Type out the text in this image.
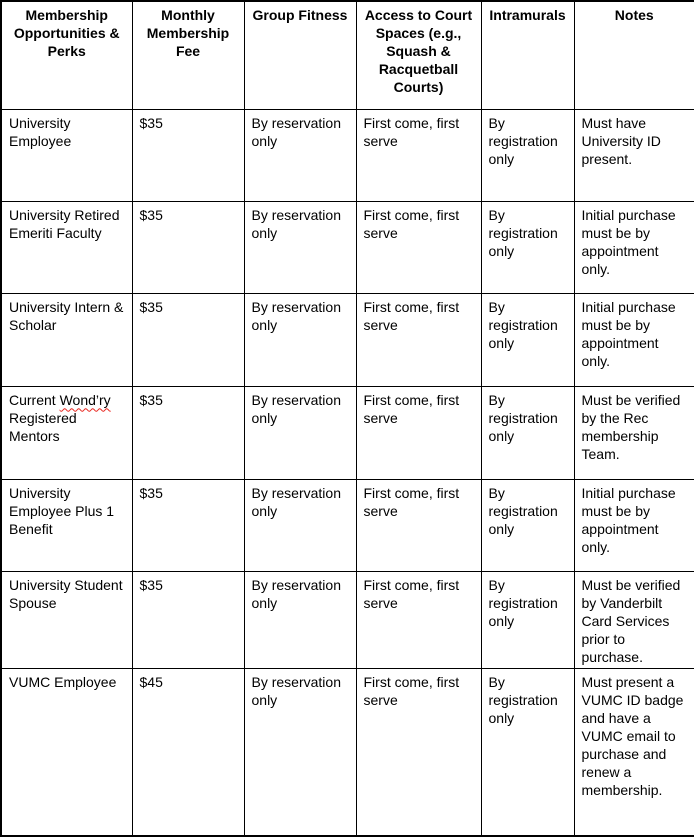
Membership Opportunities & Perks	Monthly Membership Fee	Group Fitness	Access to Court Spaces (e.g., Squash & Racquetball Courts)	Intramurals	Notes
University Employee	$35	By reservation only	First come, first serve	By registration only	Must have University ID present.
University Retired Emeriti Faculty	$35	By reservation only	First come, first serve	By registration only	Initial purchase must be by appointment only.
University Intern & Scholar	$35	By reservation only	First come, first serve	By registration only	Initial purchase must be by appointment only.
Current Wond’ry Registered Mentors	$35	By reservation only	First come, first serve	By registration only	Must be verified by the Rec membership Team.
University Employee Plus 1 Benefit	$35	By reservation only	First come, first serve	By registration only	Initial purchase must be by appointment only.
University Student Spouse	$35	By reservation only	First come, first serve	By registration only	Must be verified by Vanderbilt Card Services prior to purchase.
VUMC Employee	$45	By reservation only	First come, first serve	By registration only	Must present a VUMC ID badge and have a VUMC email to purchase and renew a membership.
